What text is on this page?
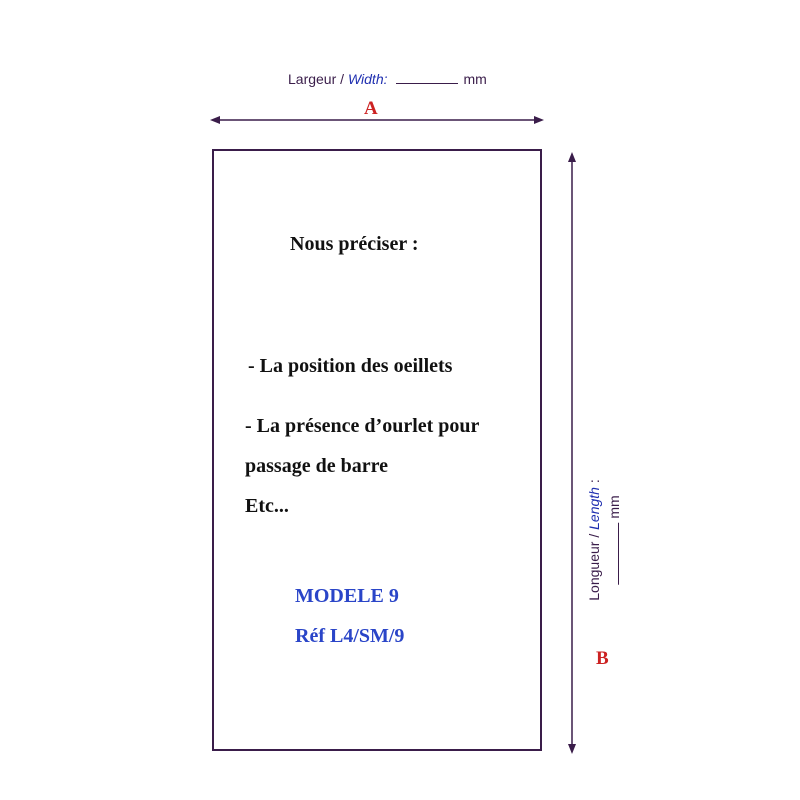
Largeur / Width:	mm
A
Nous préciser :
- La position des oeillets
- La présence d’ourlet pour
passage de barre
Etc...
MODELE 9
Réf L4/SM/9
Longueur / Length :
mm
B
